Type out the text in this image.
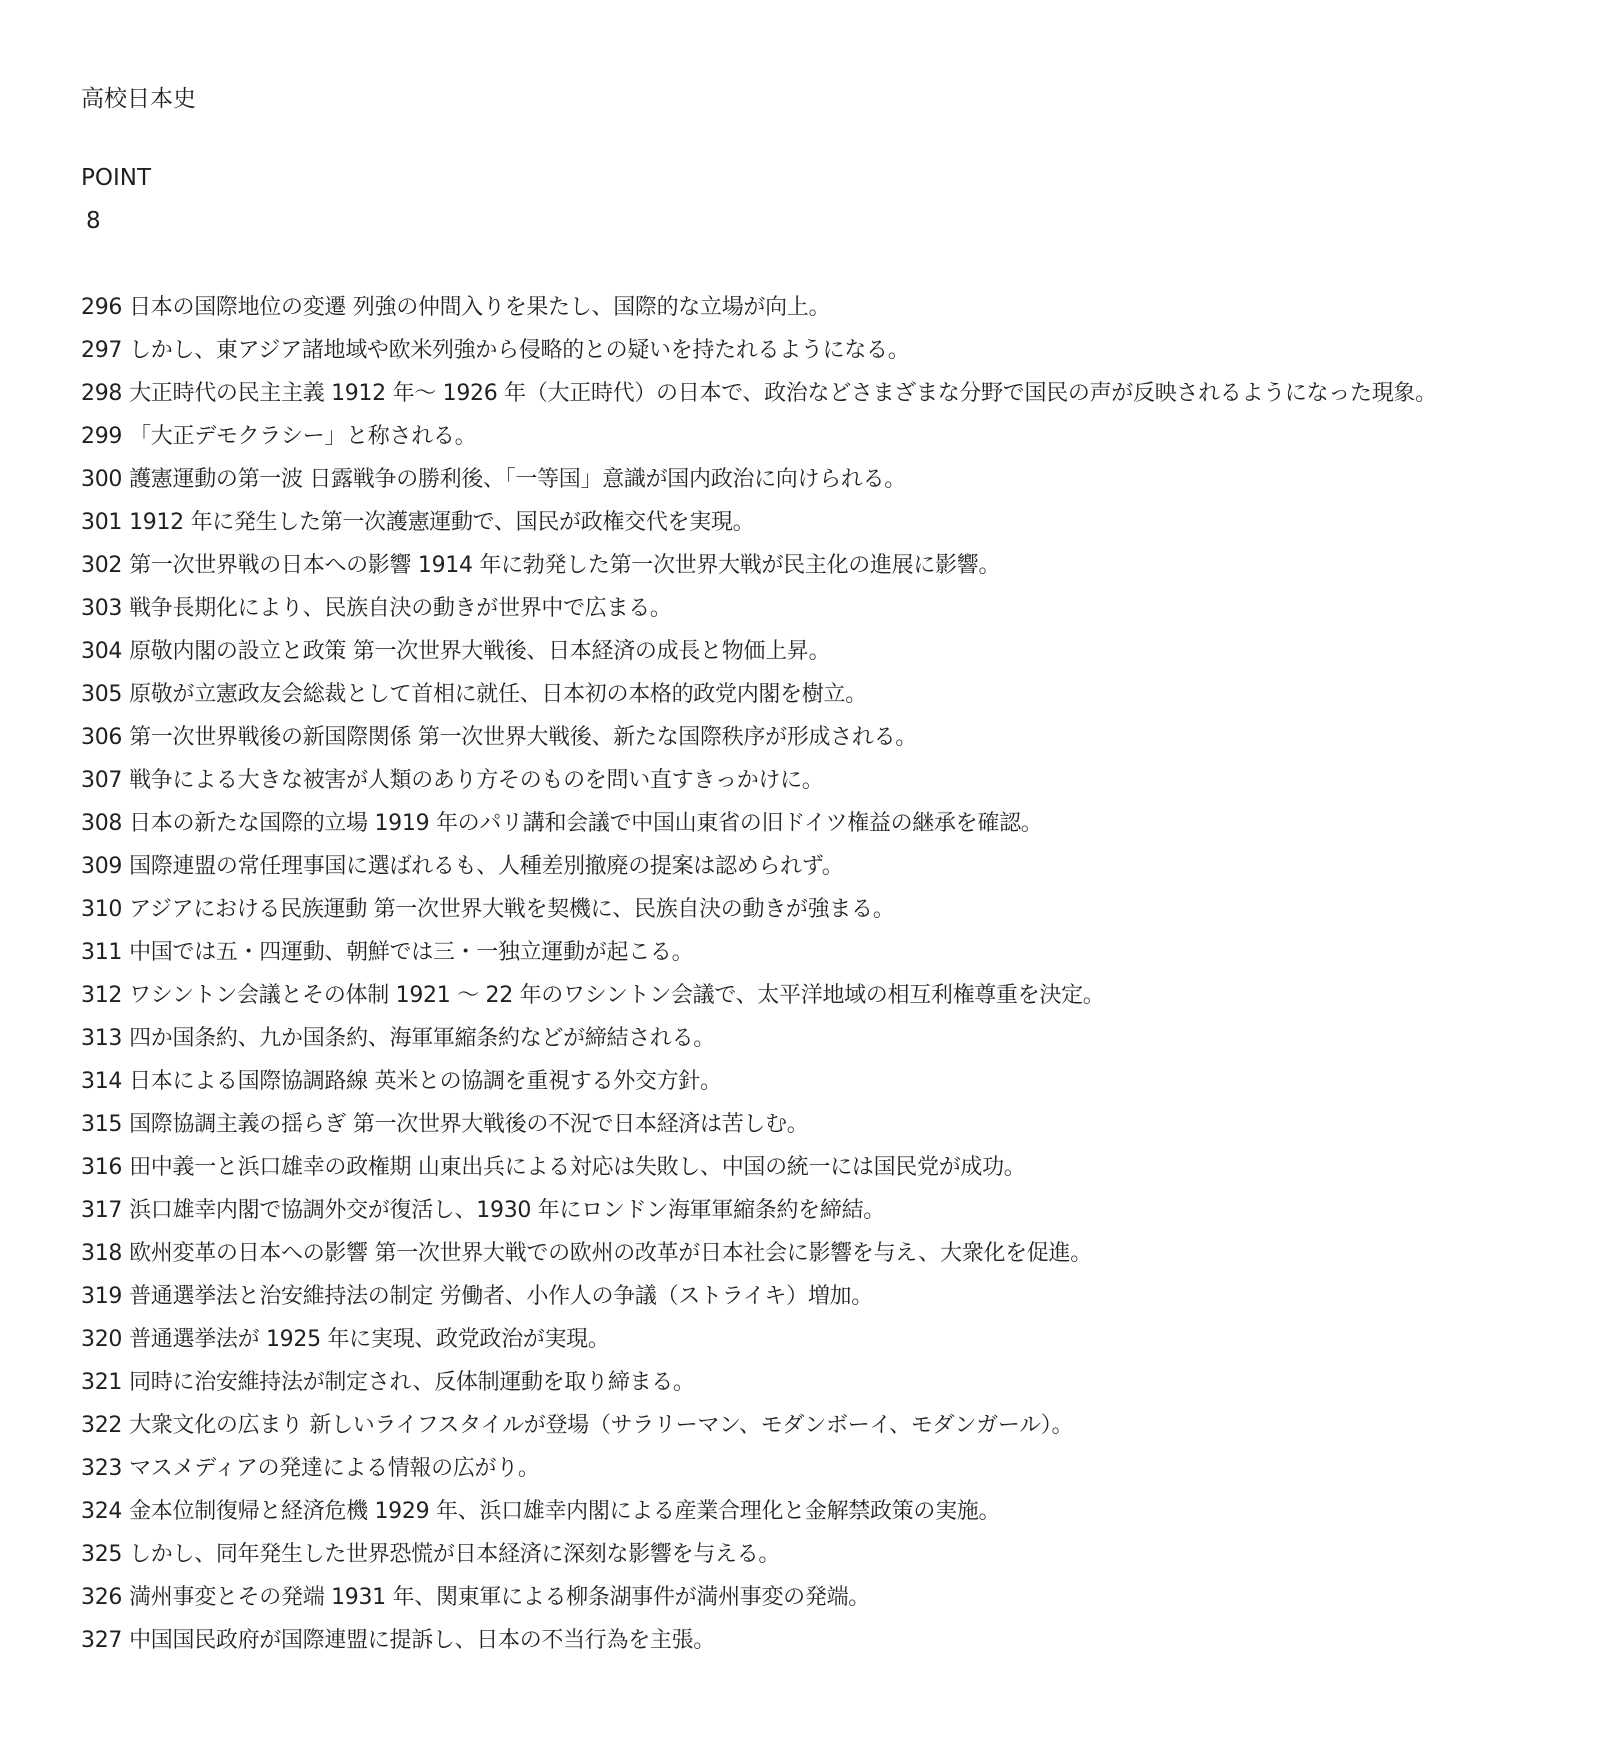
高校日本史
POINT
8
296 日本の国際地位の変遷 列強の仲間入りを果たし、国際的な立場が向上。
297 しかし、東アジア諸地域や欧米列強から侵略的との疑いを持たれるようになる。
298 大正時代の民主主義 1912 年〜 1926 年（大正時代）の日本で、政治などさまざまな分野で国民の声が反映されるようになった現象。
299 「大正デモクラシー」と称される。
300 護憲運動の第一波 日露戦争の勝利後、「一等国」意識が国内政治に向けられる。
301 1912 年に発生した第一次護憲運動で、国民が政権交代を実現。
302 第一次世界戦の日本への影響 1914 年に勃発した第一次世界大戦が民主化の進展に影響。
303 戦争長期化により、民族自決の動きが世界中で広まる。
304 原敬内閣の設立と政策 第一次世界大戦後、日本経済の成長と物価上昇。
305 原敬が立憲政友会総裁として首相に就任、日本初の本格的政党内閣を樹立。
306 第一次世界戦後の新国際関係 第一次世界大戦後、新たな国際秩序が形成される。
307 戦争による大きな被害が人類のあり方そのものを問い直すきっかけに。
308 日本の新たな国際的立場 1919 年のパリ講和会議で中国山東省の旧ドイツ権益の継承を確認。
309 国際連盟の常任理事国に選ばれるも、人種差別撤廃の提案は認められず。
310 アジアにおける民族運動 第一次世界大戦を契機に、民族自決の動きが強まる。
311 中国では五・四運動、朝鮮では三・一独立運動が起こる。
312 ワシントン会議とその体制 1921 〜 22 年のワシントン会議で、太平洋地域の相互利権尊重を決定。
313 四か国条約、九か国条約、海軍軍縮条約などが締結される。
314 日本による国際協調路線 英米との協調を重視する外交方針。
315 国際協調主義の揺らぎ 第一次世界大戦後の不況で日本経済は苦しむ。
316 田中義一と浜口雄幸の政権期 山東出兵による対応は失敗し、中国の統一には国民党が成功。
317 浜口雄幸内閣で協調外交が復活し、1930 年にロンドン海軍軍縮条約を締結。
318 欧州変革の日本への影響 第一次世界大戦での欧州の改革が日本社会に影響を与え、大衆化を促進。
319 普通選挙法と治安維持法の制定 労働者、小作人の争議（ストライキ）増加。
320 普通選挙法が 1925 年に実現、政党政治が実現。
321 同時に治安維持法が制定され、反体制運動を取り締まる。
322 大衆文化の広まり 新しいライフスタイルが登場（サラリーマン、モダンボーイ、モダンガール）。
323 マスメディアの発達による情報の広がり。
324 金本位制復帰と経済危機 1929 年、浜口雄幸内閣による産業合理化と金解禁政策の実施。
325 しかし、同年発生した世界恐慌が日本経済に深刻な影響を与える。
326 満州事変とその発端 1931 年、関東軍による柳条湖事件が満州事変の発端。
327 中国国民政府が国際連盟に提訴し、日本の不当行為を主張。
